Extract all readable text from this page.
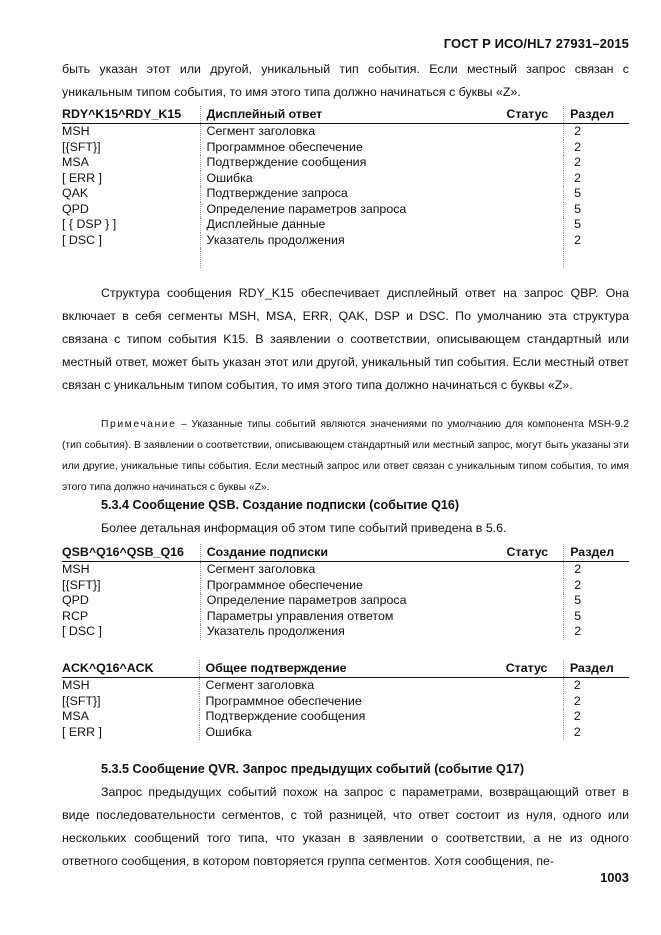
ГОСТ Р ИСО/HL7 27931–2015

быть указан этот или другой, уникальный тип события. Если местный запрос связан с уникальным типом события, то имя этого типа должно начинаться с буквы «Z».

RDY^K15^RDY_K15	Дисплейный ответ	Статус	Раздел
MSH	Сегмент заголовка		2
[{SFT}]	Программное обеспечение		2
MSA	Подтверждение сообщения		2
[ ERR ]	Ошибка		2
QAK	Подтверждение запроса		5
QPD	Определение параметров запроса		5
[ { DSP } ]	Дисплейные данные		5
[ DSC ]	Указатель продолжения		2

Структура сообщения RDY_K15 обеспечивает дисплейный ответ на запрос QBP. Она включает в себя сегменты MSH, MSA, ERR, QAK, DSP и DSC. По умолчанию эта структура связана с типом события K15. В заявлении о соответствии, описывающем стандартный или местный ответ, может быть указан этот или другой, уникальный тип события. Если местный ответ связан с уникальным типом события, то имя этого типа должно начинаться с буквы «Z».

Примечание – Указанные типы событий являются значениями по умолчанию для компонента MSH-9.2 (тип события). В заявлении о соответствии, описывающем стандартный или местный запрос, могут быть указаны эти или другие, уникальные типы события. Если местный запрос или ответ связан с уникальным типом события, то имя этого типа должно начинаться с буквы «Z».

5.3.4 Сообщение QSB. Создание подписки (событие Q16)

Более детальная информация об этом типе событий приведена в 5.6.

QSB^Q16^QSB_Q16	Создание подписки	Статус	Раздел
MSH	Сегмент заголовка		2
[{SFT}]	Программное обеспечение		2
QPD	Определение параметров запроса		5
RCP	Параметры управления ответом		5
[ DSC ]	Указатель продолжения		2
ACK^Q16^ACK	Общее подтверждение	Статус	Раздел
MSH	Сегмент заголовка		2
[{SFT}]	Программное обеспечение		2
MSA	Подтверждение сообщения		2
[ ERR ]	Ошибка		2

5.3.5 Сообщение QVR. Запрос предыдущих событий (событие Q17)

Запрос предыдущих событий похож на запрос с параметрами, возвращающий ответ в виде последовательности сегментов, с той разницей, что ответ состоит из нуля, одного или нескольких сообщений того типа, что указан в заявлении о соответствии, а не из одного ответного сообщения, в котором повторяется группа сегментов. Хотя сообщения, пе-

1003
